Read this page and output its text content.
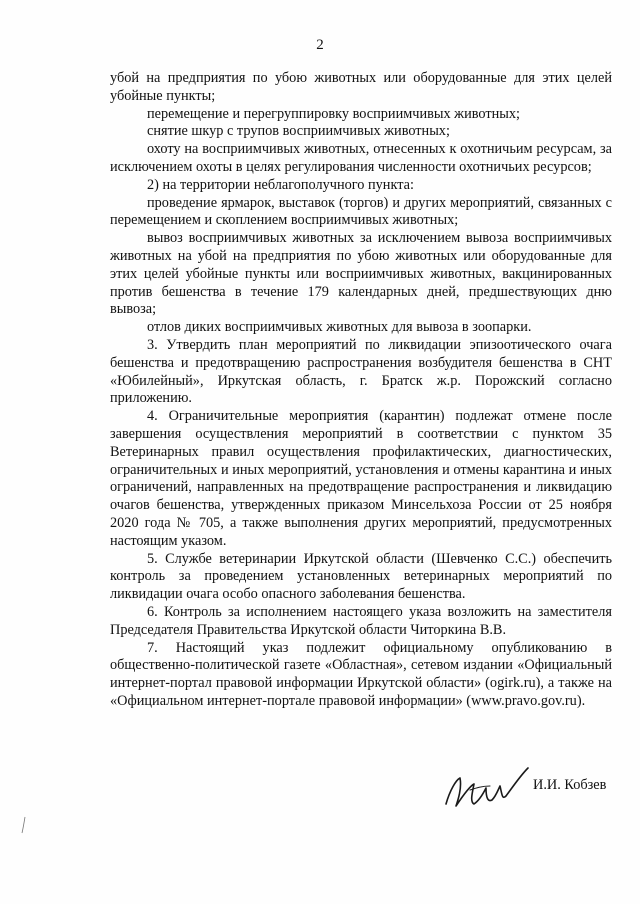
2

убой на предприятия по убою животных или оборудованные для этих целей убойные пункты;

перемещение и перегруппировку восприимчивых животных;

снятие шкур с трупов восприимчивых животных;

охоту на восприимчивых животных, отнесенных к охотничьим ресурсам, за исключением охоты в целях регулирования численности охотничьих ресурсов;

2) на территории неблагополучного пункта:

проведение ярмарок, выставок (торгов) и других мероприятий, связанных с перемещением и скоплением восприимчивых животных;

вывоз восприимчивых животных за исключением вывоза восприимчивых животных на убой на предприятия по убою животных или оборудованные для этих целей убойные пункты или восприимчивых животных, вакцинированных против бешенства в течение 179 календарных дней, предшествующих дню вывоза;

отлов диких восприимчивых животных для вывоза в зоопарки.

3. Утвердить план мероприятий по ликвидации эпизоотического очага бешенства и предотвращению распространения возбудителя бешенства в СНТ «Юбилейный», Иркутская область, г. Братск ж.р. Порожский согласно приложению.

4. Ограничительные мероприятия (карантин) подлежат отмене после завершения осуществления мероприятий в соответствии с пунктом 35 Ветеринарных правил осуществления профилактических, диагностических, ограничительных и иных мероприятий, установления и отмены карантина и иных ограничений, направленных на предотвращение распространения и ликвидацию очагов бешенства, утвержденных приказом Минсельхоза России от 25 ноября 2020 года № 705, а также выполнения других мероприятий, предусмотренных настоящим указом.

5. Службе ветеринарии Иркутской области (Шевченко С.С.) обеспечить контроль за проведением установленных ветеринарных мероприятий по ликвидации очага особо опасного заболевания бешенства.

6. Контроль за исполнением настоящего указа возложить на заместителя Председателя Правительства Иркутской области Читоркина В.В.

7. Настоящий указ подлежит официальному опубликованию в общественно-политической газете «Областная», сетевом издании «Официальный интернет-портал правовой информации Иркутской области» (ogirk.ru), а также на «Официальном интернет-портале правовой информации» (www.pravo.gov.ru).

И.И. Кобзев
